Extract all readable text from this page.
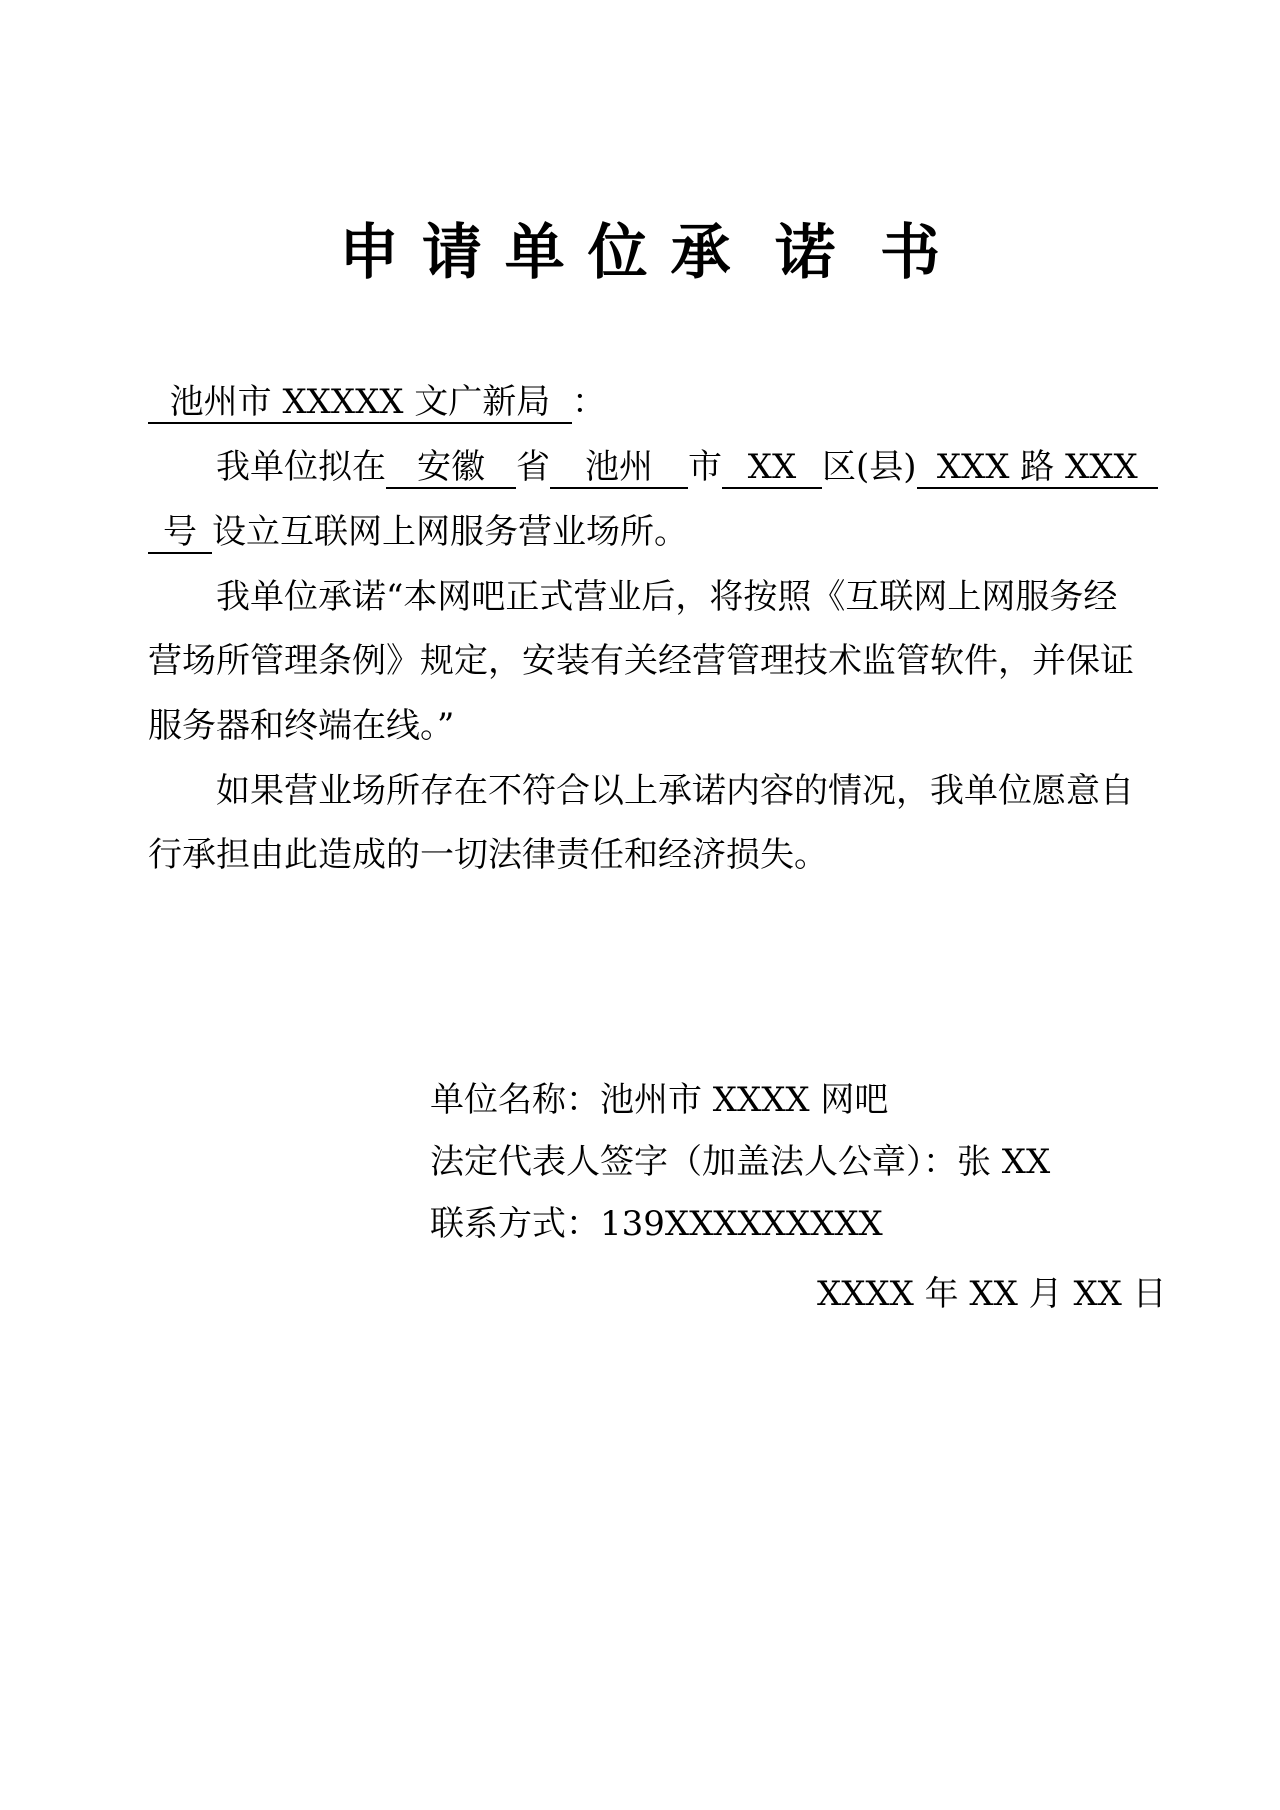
申 请 单 位 承  诺  书
池州市 XXXXX 文广新局 ：
我单位拟在 安徽 省	池州	市 XX 区(县) XXX 路 XXX
号 设立互联网上网服务营业场所。
我单位承诺“本网吧正式营业后，将按照《互联网上网服务经
营场所管理条例》规定，安装有关经营管理技术监管软件，并保证
服务器和终端在线。”
如果营业场所存在不符合以上承诺内容的情况，我单位愿意自
行承担由此造成的一切法律责任和经济损失。
单位名称：池州市 XXXX 网吧
法定代表人签字（加盖法人公章）：张 XX
联系方式：139XXXXXXXXX
XXXX 年 XX 月 XX 日
